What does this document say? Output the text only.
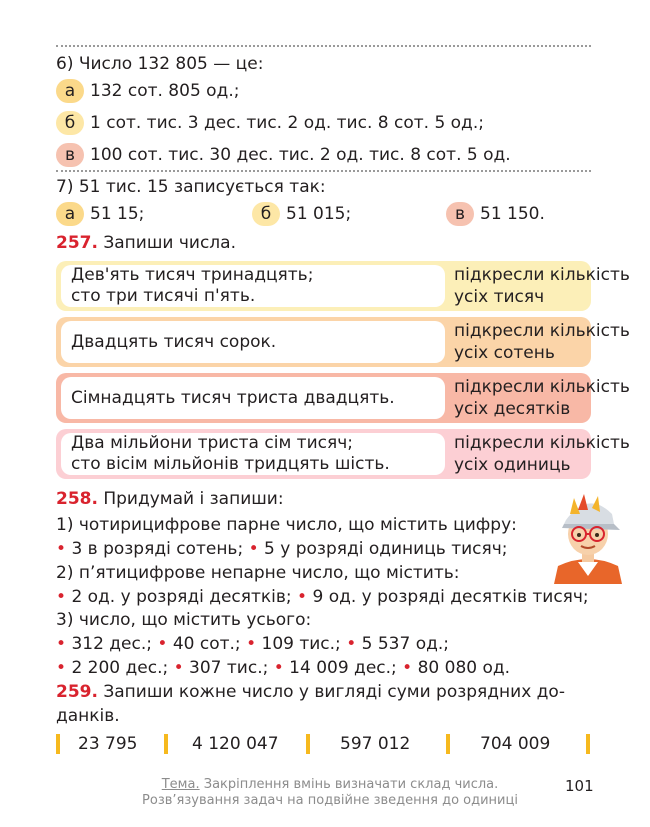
6) Число 132 805 — це:
а 132 сот. 805 од.;
б 1 сот. тис. 3 дес. тис. 2 од. тис. 8 сот. 5 од.;
в 100 сот. тис. 30 дес. тис. 2 од. тис. 8 сот. 5 од.
7) 51 тис. 15 записується так:
а 51 15;	б 51 015;	в 51 150.
257. Запиши числа.
Дев'ять тисяч тринадцять;
сто три тисячі п'ять.
підкресли кількість
усіх тисяч
Двадцять тисяч сорок.
підкресли кількість
усіх сотень
Сімнадцять тисяч триста двадцять.
підкресли кількість
усіх десятків
Два мільйони триста сім тисяч;
сто вісім мільйонів тридцять шість.
підкресли кількість
усіх одиниць
258. Придумай і запиши:
1) чотирицифрове парне число, що містить цифру:
• 3 в розряді сотень; • 5 у розряді одиниць тисяч;
2) п’ятицифрове непарне число, що містить:
• 2 од. у розряді десятків; • 9 од. у розряді десятків тисяч;
3) число, що містить усього:
• 312 дес.; • 40 сот.; • 109 тис.; • 5 537 од.;
• 2 200 дес.; • 307 тис.; • 14 009 дес.; • 80 080 од.
259. Запиши кожне число у вигляді суми розрядних до-
данків.
23 795	4 120 047	597 012	704 009
Тема. Закріплення вмінь визначати склад числа.
Розв’язування задач на подвійне зведення до одиниці
101
